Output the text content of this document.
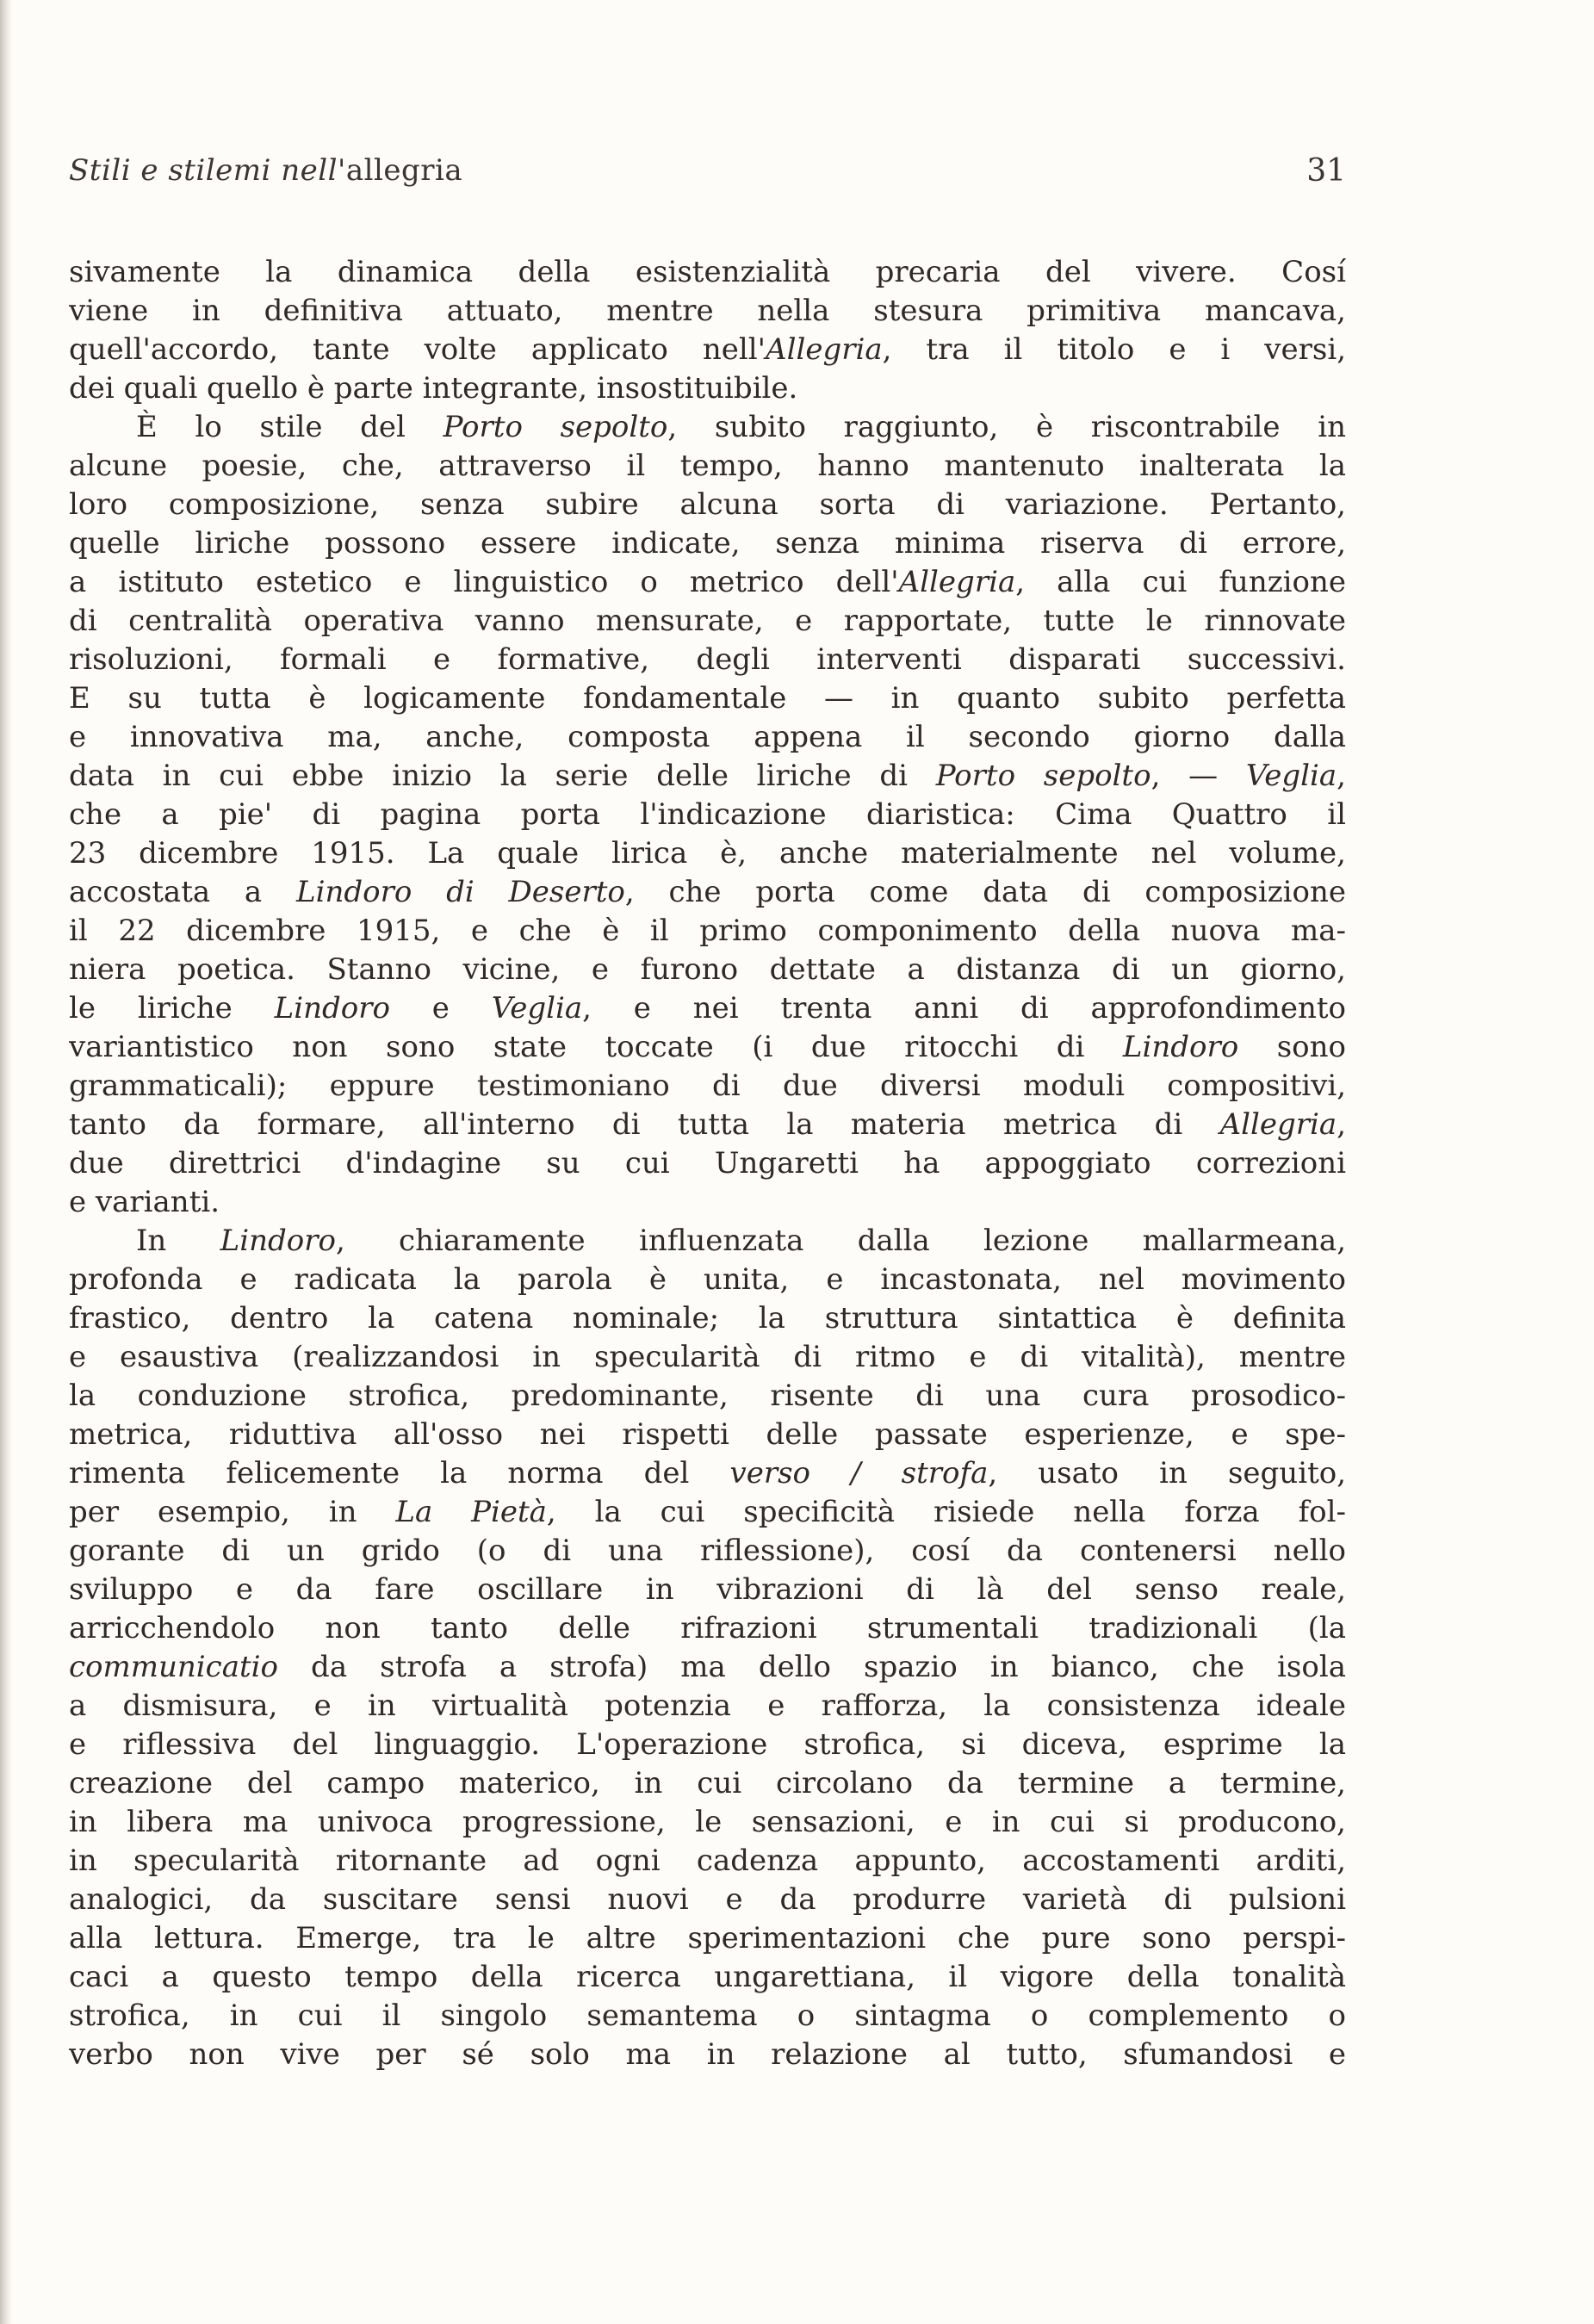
Stili e stilemi nell'allegria	31
sivamente la dinamica della esistenzialità precaria del vivere. Cosí
viene in definitiva attuato, mentre nella stesura primitiva mancava,
quell'accordo, tante volte applicato nell'Allegria, tra il titolo e i versi,
dei quali quello è parte integrante, insostituibile.
È lo stile del Porto sepolto, subito raggiunto, è riscontrabile in
alcune poesie, che, attraverso il tempo, hanno mantenuto inalterata la
loro composizione, senza subire alcuna sorta di variazione. Pertanto,
quelle liriche possono essere indicate, senza minima riserva di errore,
a istituto estetico e linguistico o metrico dell'Allegria, alla cui funzione
di centralità operativa vanno mensurate, e rapportate, tutte le rinnovate
risoluzioni, formali e formative, degli interventi disparati successivi.
E su tutta è logicamente fondamentale — in quanto subito perfetta
e innovativa ma, anche, composta appena il secondo giorno dalla
data in cui ebbe inizio la serie delle liriche di Porto sepolto, — Veglia,
che a pie' di pagina porta l'indicazione diaristica: Cima Quattro il
23 dicembre 1915. La quale lirica è, anche materialmente nel volume,
accostata a Lindoro di Deserto, che porta come data di composizione
il 22 dicembre 1915, e che è il primo componimento della nuova ma-
niera poetica. Stanno vicine, e furono dettate a distanza di un giorno,
le liriche Lindoro e Veglia, e nei trenta anni di approfondimento
variantistico non sono state toccate (i due ritocchi di Lindoro sono
grammaticali); eppure testimoniano di due diversi moduli compositivi,
tanto da formare, all'interno di tutta la materia metrica di Allegria,
due direttrici d'indagine su cui Ungaretti ha appoggiato correzioni
e varianti.
In Lindoro, chiaramente influenzata dalla lezione mallarmeana,
profonda e radicata la parola è unita, e incastonata, nel movimento
frastico, dentro la catena nominale; la struttura sintattica è definita
e esaustiva (realizzandosi in specularità di ritmo e di vitalità), mentre
la conduzione strofica, predominante, risente di una cura prosodico-
metrica, riduttiva all'osso nei rispetti delle passate esperienze, e spe-
rimenta felicemente la norma del verso / strofa, usato in seguito,
per esempio, in La Pietà, la cui specificità risiede nella forza fol-
gorante di un grido (o di una riflessione), cosí da contenersi nello
sviluppo e da fare oscillare in vibrazioni di là del senso reale,
arricchendolo non tanto delle rifrazioni strumentali tradizionali (la
communicatio da strofa a strofa) ma dello spazio in bianco, che isola
a dismisura, e in virtualità potenzia e rafforza, la consistenza ideale
e riflessiva del linguaggio. L'operazione strofica, si diceva, esprime la
creazione del campo materico, in cui circolano da termine a termine,
in libera ma univoca progressione, le sensazioni, e in cui si producono,
in specularità ritornante ad ogni cadenza appunto, accostamenti arditi,
analogici, da suscitare sensi nuovi e da produrre varietà di pulsioni
alla lettura. Emerge, tra le altre sperimentazioni che pure sono perspi-
caci a questo tempo della ricerca ungarettiana, il vigore della tonalità
strofica, in cui il singolo semantema o sintagma o complemento o
verbo non vive per sé solo ma in relazione al tutto, sfumandosi e
